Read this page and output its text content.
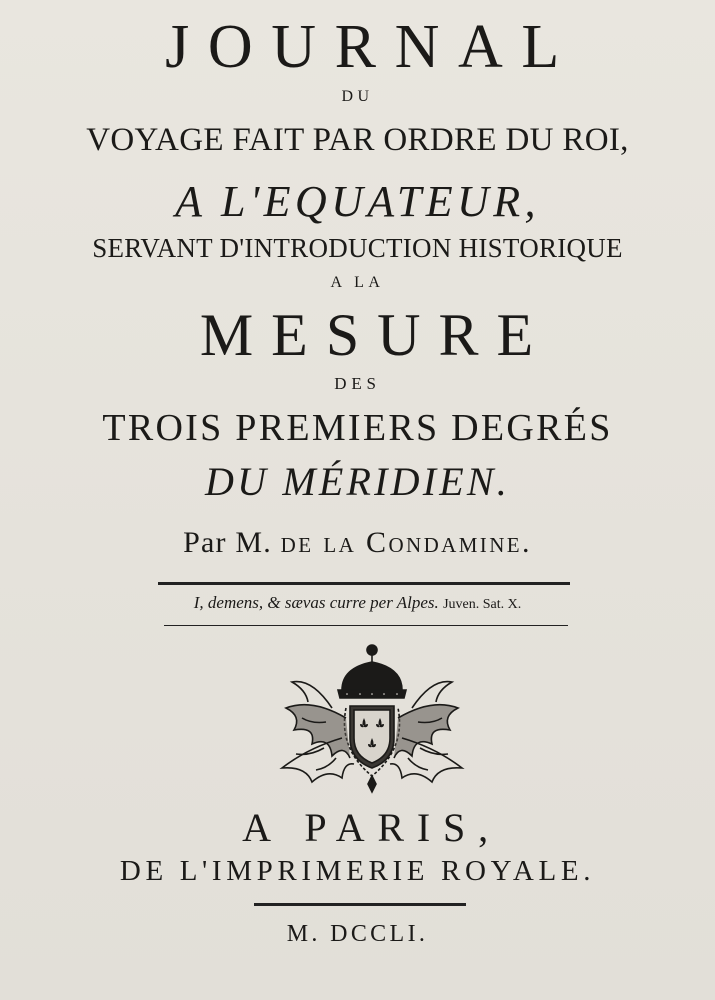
JOURNAL
DU
VOYAGE FAIT PAR ORDRE DU ROI,
A L'EQUATEUR,
SERVANT D'INTRODUCTION HISTORIQUE
A LA
MESURE
DES
TROIS PREMIERS DEGRÉS
DU MÉRIDIEN.
Par M. de la Condamine.
I, demens, & sævas curre per Alpes. Juven. Sat. X.
A PARIS,
DE L'IMPRIMERIE ROYALE.
M. DCCLI.
